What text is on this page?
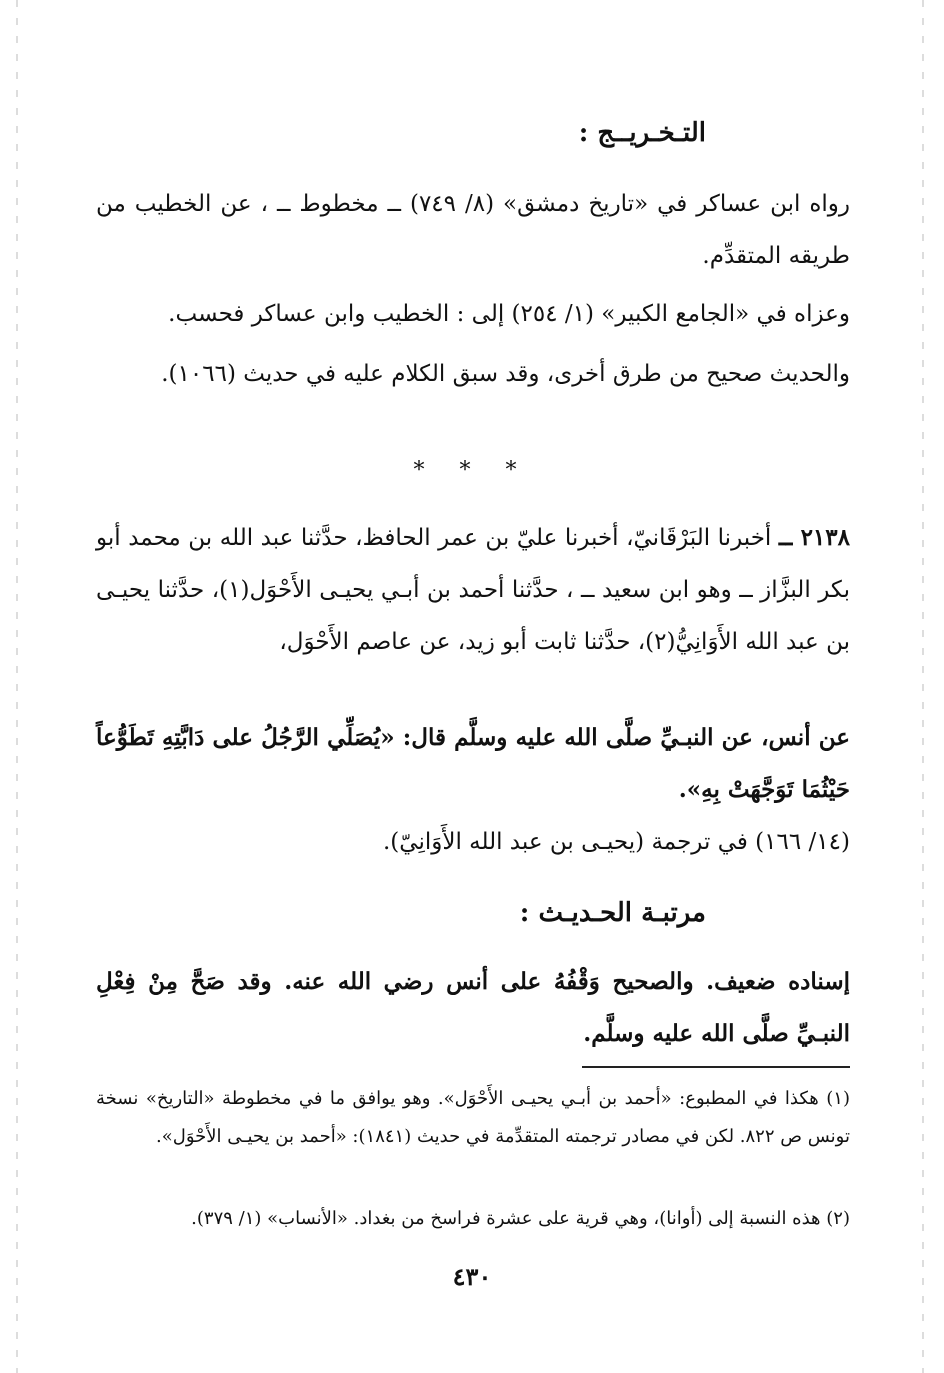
التـخـريــج :
رواه ابن عساكر في «تاريخ دمشق» (٨/ ٧٤٩) ــ مخطوط ــ ، عن الخطيب من طريقه المتقدِّم.
وعزاه في «الجامع الكبير» (١/ ٢٥٤) إلى : الخطيب وابن عساكر فحسب.
والحديث صحيح من طرق أخرى، وقد سبق الكلام عليه في حديث (١٠٦٦).
* * *
٢١٣٨ ــ أخبرنا البَرْقَانيّ، أخبرنا عليّ بن عمر الحافظ، حدَّثنا عبد الله بن محمد أبو بكر البزَّاز ــ وهو ابن سعيد ــ ، حدَّثنا أحمد بن أبـي يحيـى الأَحْوَل(١)، حدَّثنا يحيـى بن عبد الله الأَوَانِيُّ(٢)، حدَّثنا ثابت أبو زيد، عن عاصم الأَحْوَل،
عن أنس، عن النبـيِّ صلَّى الله عليه وسلَّم قال: «يُصَلِّي الرَّجُلُ على دَابَّتِهِ تَطَوُّعاً حَيْثُمَا تَوَجَّهَتْ بِهِ».
(١٤/ ١٦٦) في ترجمة (يحيـى بن عبد الله الأَوَانِيّ).
مرتبـة الحـديـث :
إسناده ضعيف. والصحيح وَقْفُهُ على أنس رضي الله عنه. وقد صَحَّ مِنْ فِعْلِ النبـيِّ صلَّى الله عليه وسلَّم.
(١) هكذا في المطبوع: «أحمد بن أبـي يحيـى الأَحْوَل». وهو يوافق ما في مخطوطة «التاريخ» نسخة تونس ص ٨٢٢. لكن في مصادر ترجمته المتقدِّمة في حديث (١٨٤١): «أحمد بن يحيـى الأَحْوَل».
(٢) هذه النسبة إلى (أوانا)، وهي قرية على عشرة فراسخ من بغداد. «الأنساب» (١/ ٣٧٩).
٤٣٠
